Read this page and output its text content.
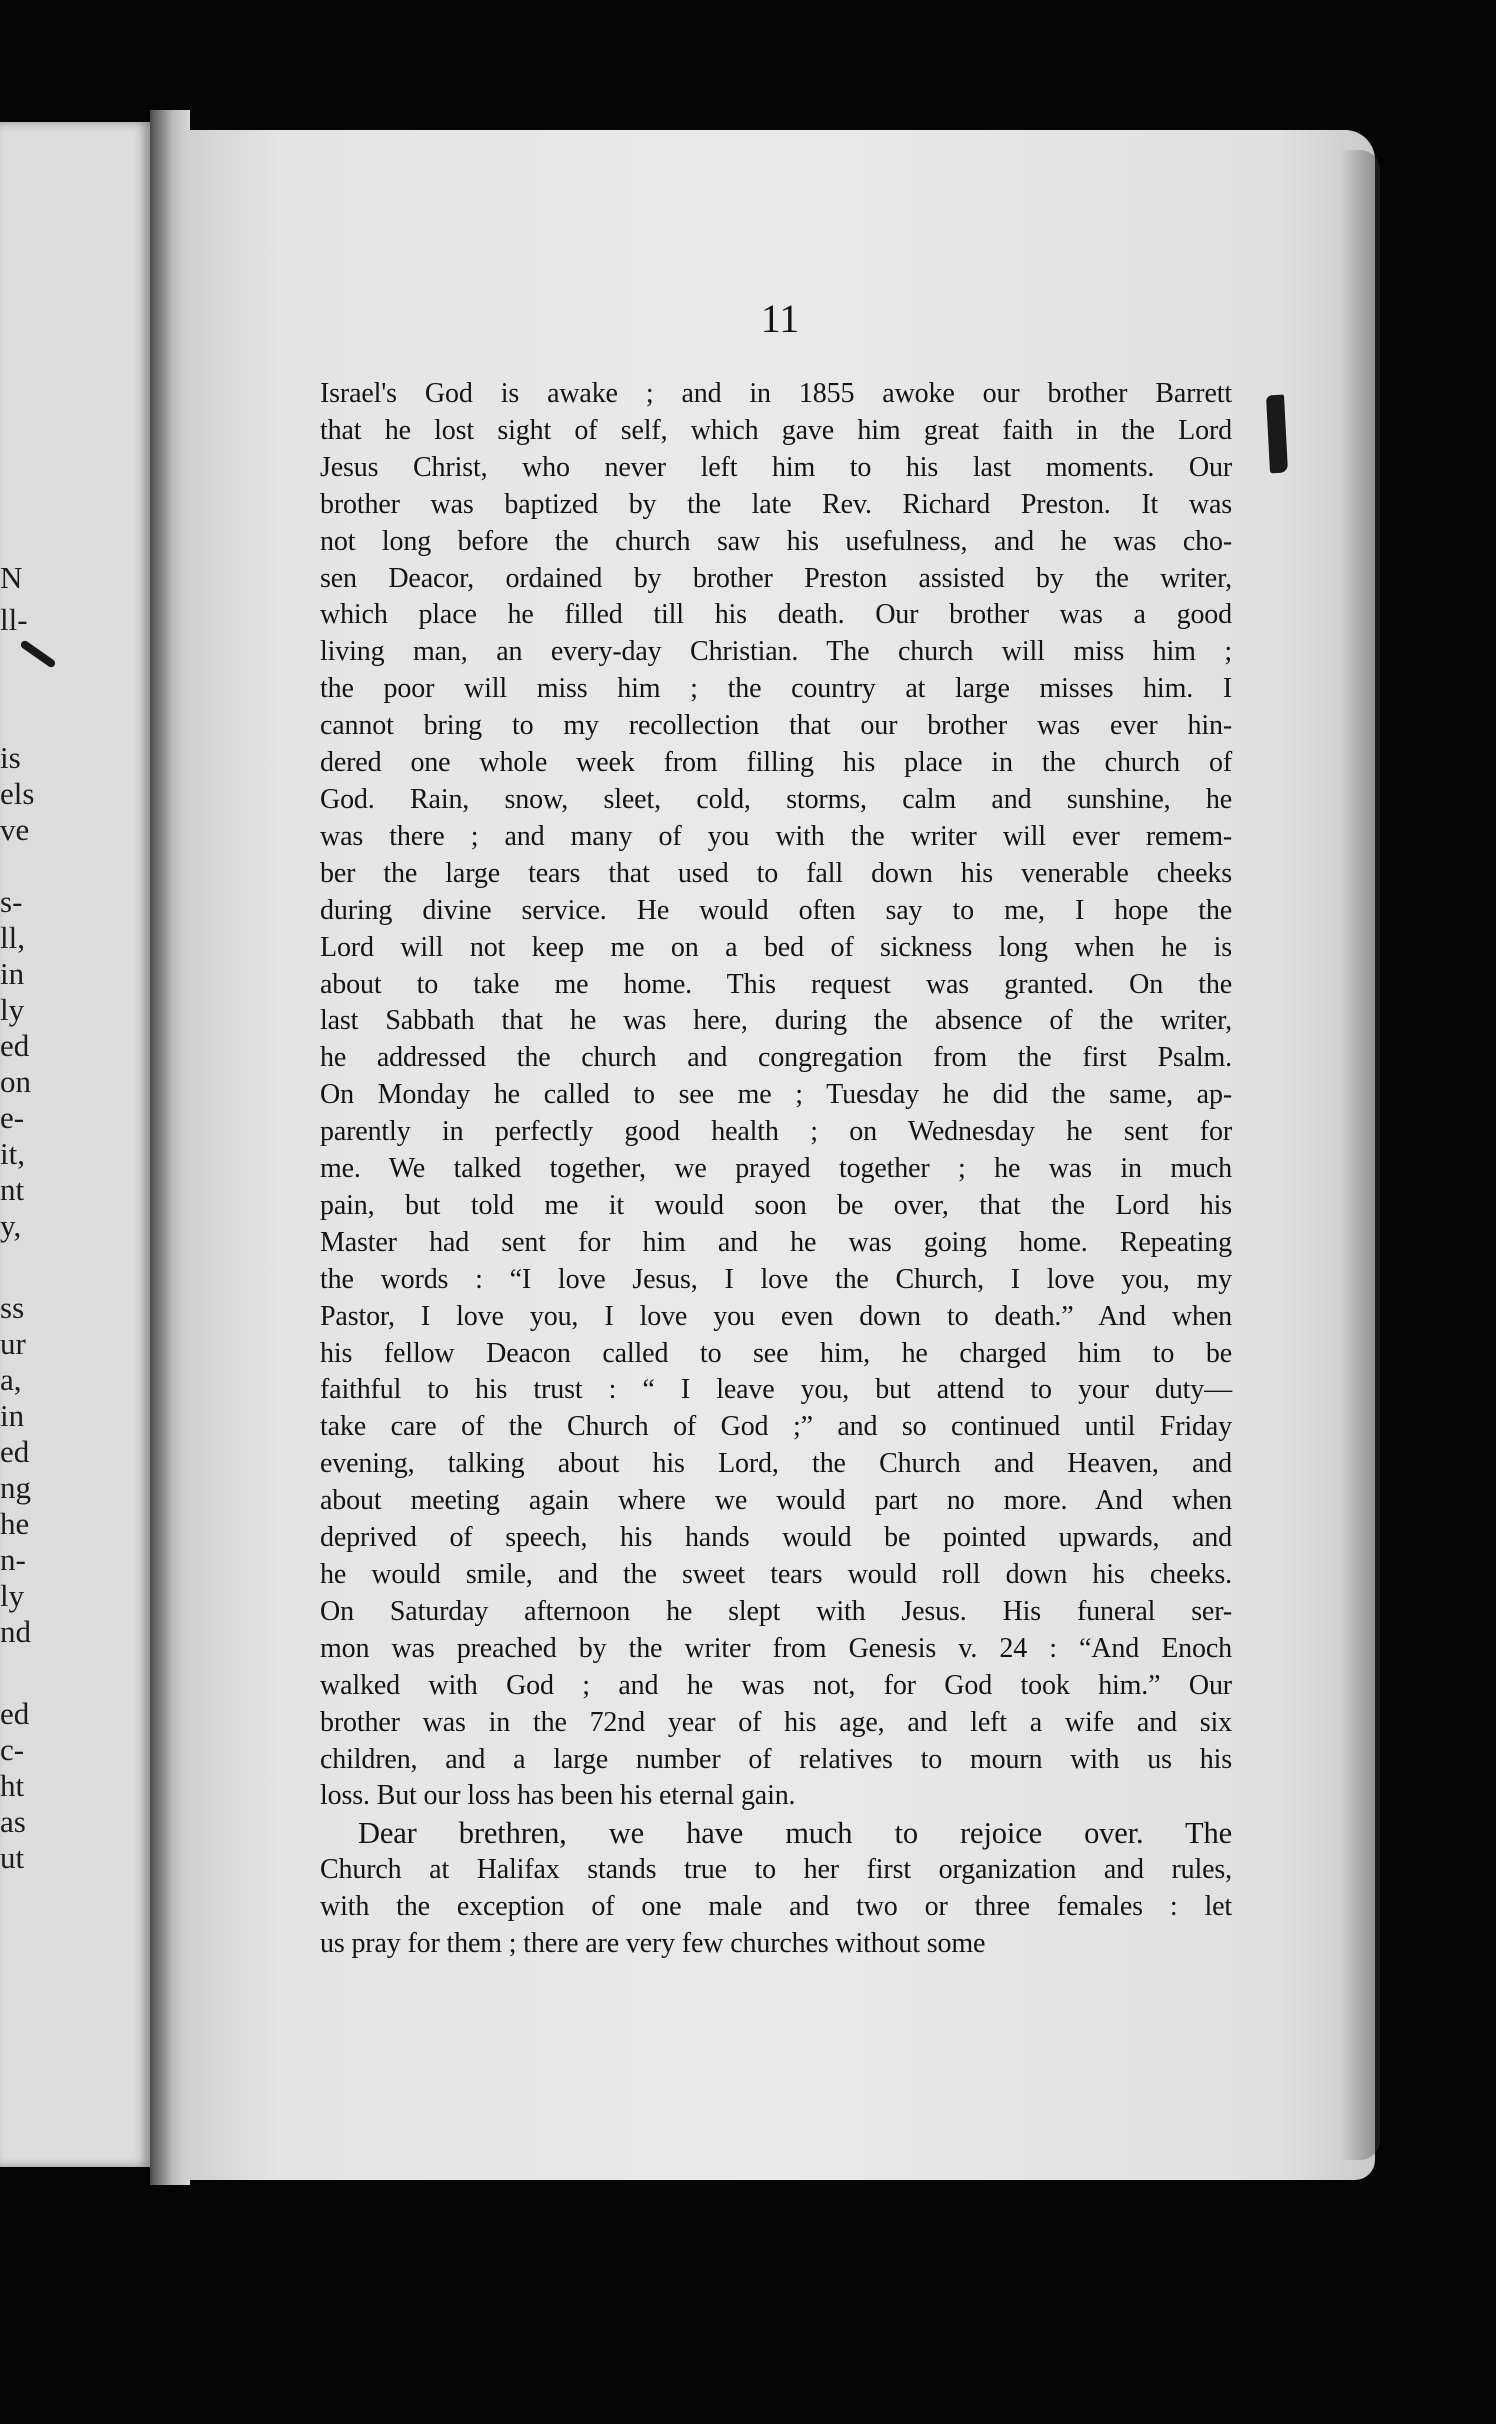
N
ll-
is
els
ve
s-
ll,
in
ly
ed
on
e-
it,
nt
y,
ss
ur
a,
in
ed
ng
he
n-
ly
nd
ed
c-
ht
as
ut
11
Israel's God is awake ; and in 1855 awoke our brother Barrett
that he lost sight of self, which gave him great faith in the Lord
Jesus Christ, who never left him to his last moments. Our
brother was baptized by the late Rev. Richard Preston. It was
not long before the church saw his usefulness, and he was cho-
sen Deacor, ordained by brother Preston assisted by the writer,
which place he filled till his death. Our brother was a good
living man, an every-day Christian. The church will miss him ;
the poor will miss him ; the country at large misses him. I
cannot bring to my recollection that our brother was ever hin-
dered one whole week from filling his place in the church of
God. Rain, snow, sleet, cold, storms, calm and sunshine, he
was there ; and many of you with the writer will ever remem-
ber the large tears that used to fall down his venerable cheeks
during divine service. He would often say to me, I hope the
Lord will not keep me on a bed of sickness long when he is
about to take me home. This request was granted. On the
last Sabbath that he was here, during the absence of the writer,
he addressed the church and congregation from the first Psalm.
On Monday he called to see me ; Tuesday he did the same, ap-
parently in perfectly good health ; on Wednesday he sent for
me. We talked together, we prayed together ; he was in much
pain, but told me it would soon be over, that the Lord his
Master had sent for him and he was going home. Repeating
the words : “I love Jesus, I love the Church, I love you, my
Pastor, I love you, I love you even down to death.” And when
his fellow Deacon called to see him, he charged him to be
faithful to his trust : “ I leave you, but attend to your duty—
take care of the Church of God ;” and so continued until Friday
evening, talking about his Lord, the Church and Heaven, and
about meeting again where we would part no more. And when
deprived of speech, his hands would be pointed upwards, and
he would smile, and the sweet tears would roll down his cheeks.
On Saturday afternoon he slept with Jesus. His funeral ser-
mon was preached by the writer from Genesis v. 24 : “And Enoch
walked with God ; and he was not, for God took him.” Our
brother was in the 72nd year of his age, and left a wife and six
children, and a large number of relatives to mourn with us his
loss. But our loss has been his eternal gain.
Dear brethren, we have much to rejoice over. The
Church at Halifax stands true to her first organization and rules,
with the exception of one male and two or three females : let
us pray for them ; there are very few churches without some
